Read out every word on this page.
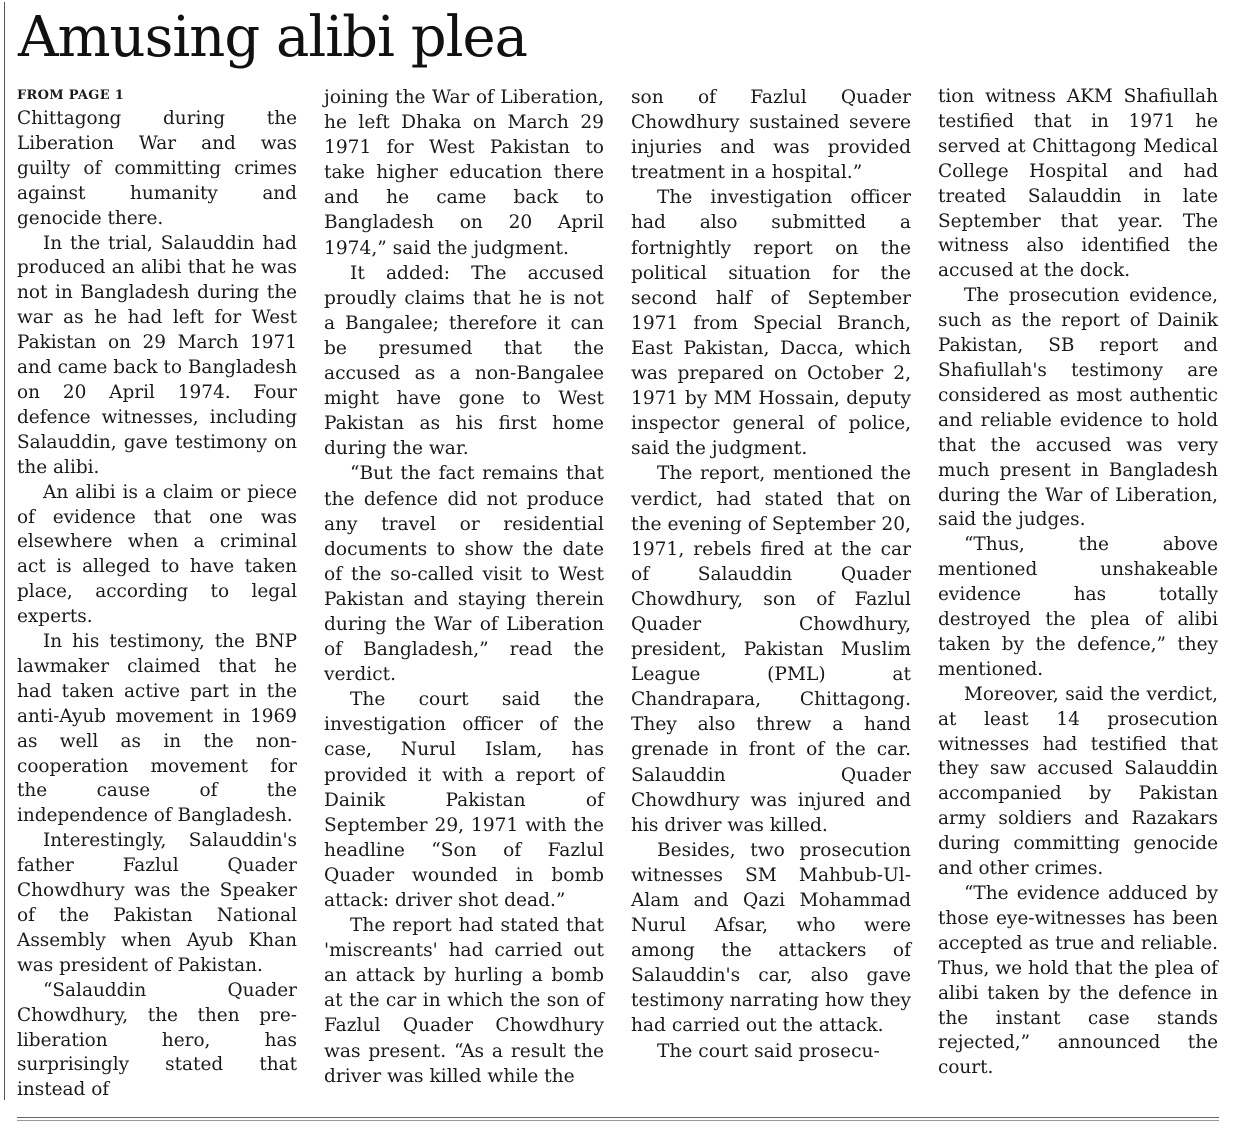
Amusing alibi plea
FROM PAGE 1

Chittagong during the Liberation War and was guilty of committing crimes against humanity and genocide there.

In the trial, Salauddin had produced an alibi that he was not in Bangladesh during the war as he had left for West Pakistan on 29 March 1971 and came back to Bangladesh on 20 April 1974. Four defence witnesses, including Salauddin, gave testimony on the alibi.

An alibi is a claim or piece of evidence that one was elsewhere when a criminal act is alleged to have taken place, according to legal experts.

In his testimony, the BNP lawmaker claimed that he had taken active part in the anti-Ayub movement in 1969 as well as in the non-cooperation movement for the cause of the independence of Bangladesh.

Interestingly, Salauddin's father Fazlul Quader Chowdhury was the Speaker of the Pakistan National Assembly when Ayub Khan was president of Pakistan.

“Salauddin Quader Chowdhury, the then pre-liberation hero, has surprisingly stated that instead of

joining the War of Liberation, he left Dhaka on March 29 1971 for West Pakistan to take higher education there and he came back to Bangladesh on 20 April 1974,” said the judgment.

It added: The accused proudly claims that he is not a Bangalee; therefore it can be presumed that the accused as a non-Bangalee might have gone to West Pakistan as his first home during the war.

“But the fact remains that the defence did not produce any travel or residential documents to show the date of the so-called visit to West Pakistan and staying therein during the War of Liberation of Bangladesh,” read the verdict.

The court said the investigation officer of the case, Nurul Islam, has provided it with a report of Dainik Pakistan of September 29, 1971 with the headline “Son of Fazlul Quader wounded in bomb attack: driver shot dead.”

The report had stated that 'miscreants' had carried out an attack by hurling a bomb at the car in which the son of Fazlul Quader Chowdhury was present. “As a result the driver was killed while the

son of Fazlul Quader Chowdhury sustained severe injuries and was provided treatment in a hospital.”

The investigation officer had also submitted a fortnightly report on the political situation for the second half of September 1971 from Special Branch, East Pakistan, Dacca, which was prepared on October 2, 1971 by MM Hossain, deputy inspector general of police, said the judgment.

The report, mentioned the verdict, had stated that on the evening of September 20, 1971, rebels fired at the car of Salauddin Quader Chowdhury, son of Fazlul Quader Chowdhury, president, Pakistan Muslim League (PML) at Chandrapara, Chittagong. They also threw a hand grenade in front of the car. Salauddin Quader Chowdhury was injured and his driver was killed.

Besides, two prosecution witnesses SM Mahbub-Ul-Alam and Qazi Mohammad Nurul Afsar, who were among the attackers of Salauddin's car, also gave testimony narrating how they had carried out the attack.

The court said prosecu-

tion witness AKM Shafiullah testified that in 1971 he served at Chittagong Medical College Hospital and had treated Salauddin in late September that year. The witness also identified the accused at the dock.

The prosecution evidence, such as the report of Dainik Pakistan, SB report and Shafiullah's testimony are considered as most authentic and reliable evidence to hold that the accused was very much present in Bangladesh during the War of Liberation, said the judges.

“Thus, the above mentioned unshakeable evidence has totally destroyed the plea of alibi taken by the defence,” they mentioned.

Moreover, said the verdict, at least 14 prosecution witnesses had testified that they saw accused Salauddin accompanied by Pakistan army soldiers and Razakars during committing genocide and other crimes.

“The evidence adduced by those eye-witnesses has been accepted as true and reliable. Thus, we hold that the plea of alibi taken by the defence in the instant case stands rejected,” announced the court.
